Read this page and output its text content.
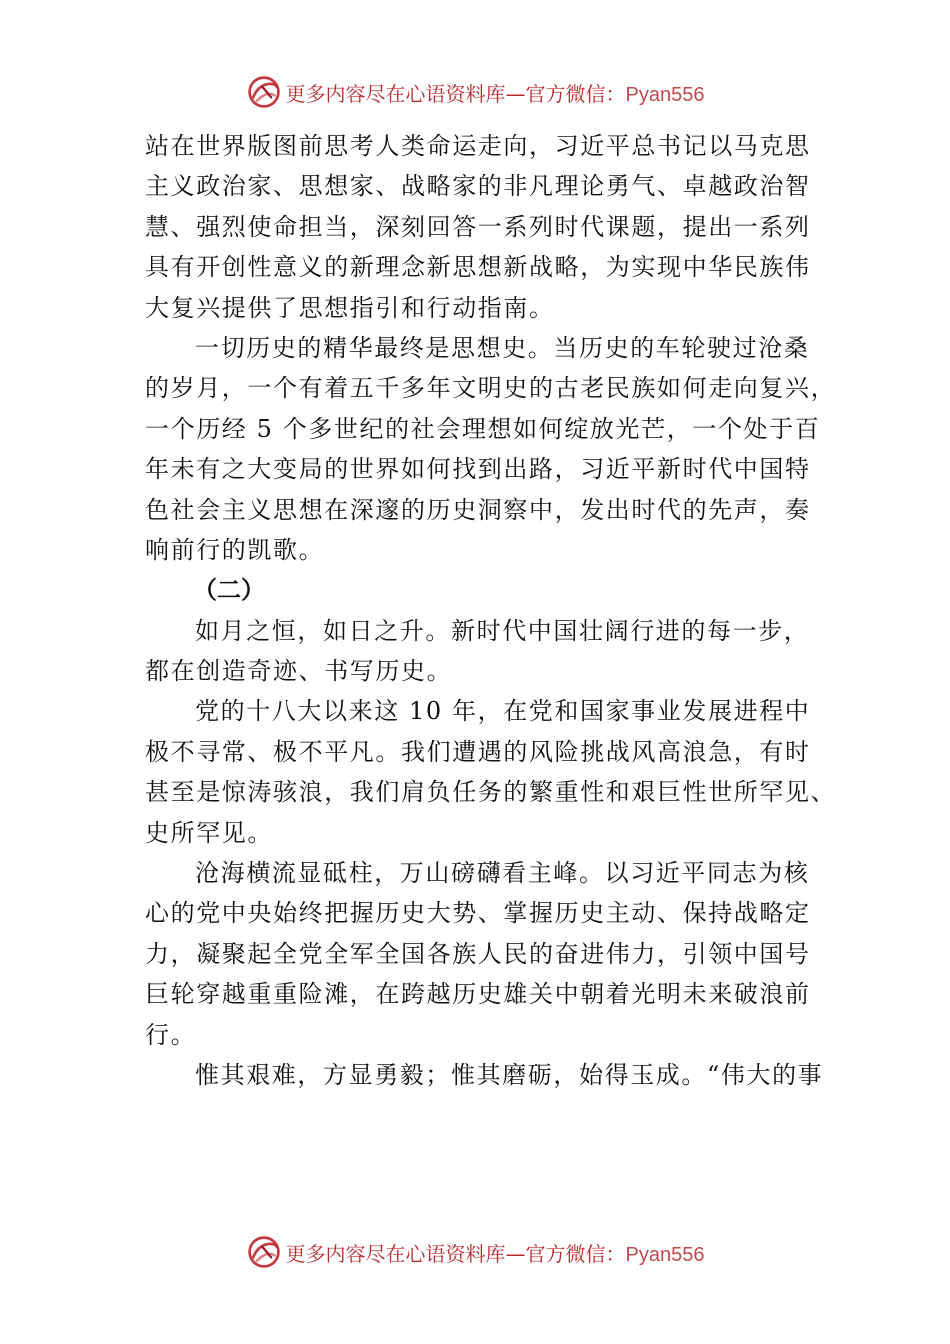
更多内容尽在心语资料库—官方微信：Pyan556
站在世界版图前思考人类命运走向，习近平总书记以马克思
主义政治家、思想家、战略家的非凡理论勇气、卓越政治智
慧、强烈使命担当，深刻回答一系列时代课题，提出一系列
具有开创性意义的新理念新思想新战略，为实现中华民族伟
大复兴提供了思想指引和行动指南。
一切历史的精华最终是思想史。当历史的车轮驶过沧桑
的岁月，一个有着五千多年文明史的古老民族如何走向复兴，
一个历经 5 个多世纪的社会理想如何绽放光芒，一个处于百
年未有之大变局的世界如何找到出路，习近平新时代中国特
色社会主义思想在深邃的历史洞察中，发出时代的先声，奏
响前行的凯歌。
（二）
如月之恒，如日之升。新时代中国壮阔行进的每一步，
都在创造奇迹、书写历史。
党的十八大以来这 10 年，在党和国家事业发展进程中
极不寻常、极不平凡。我们遭遇的风险挑战风高浪急，有时
甚至是惊涛骇浪，我们肩负任务的繁重性和艰巨性世所罕见、
史所罕见。
沧海横流显砥柱，万山磅礴看主峰。以习近平同志为核
心的党中央始终把握历史大势、掌握历史主动、保持战略定
力，凝聚起全党全军全国各族人民的奋进伟力，引领中国号
巨轮穿越重重险滩，在跨越历史雄关中朝着光明未来破浪前
行。
惟其艰难，方显勇毅；惟其磨砺，始得玉成。“伟大的事
更多内容尽在心语资料库—官方微信：Pyan556
